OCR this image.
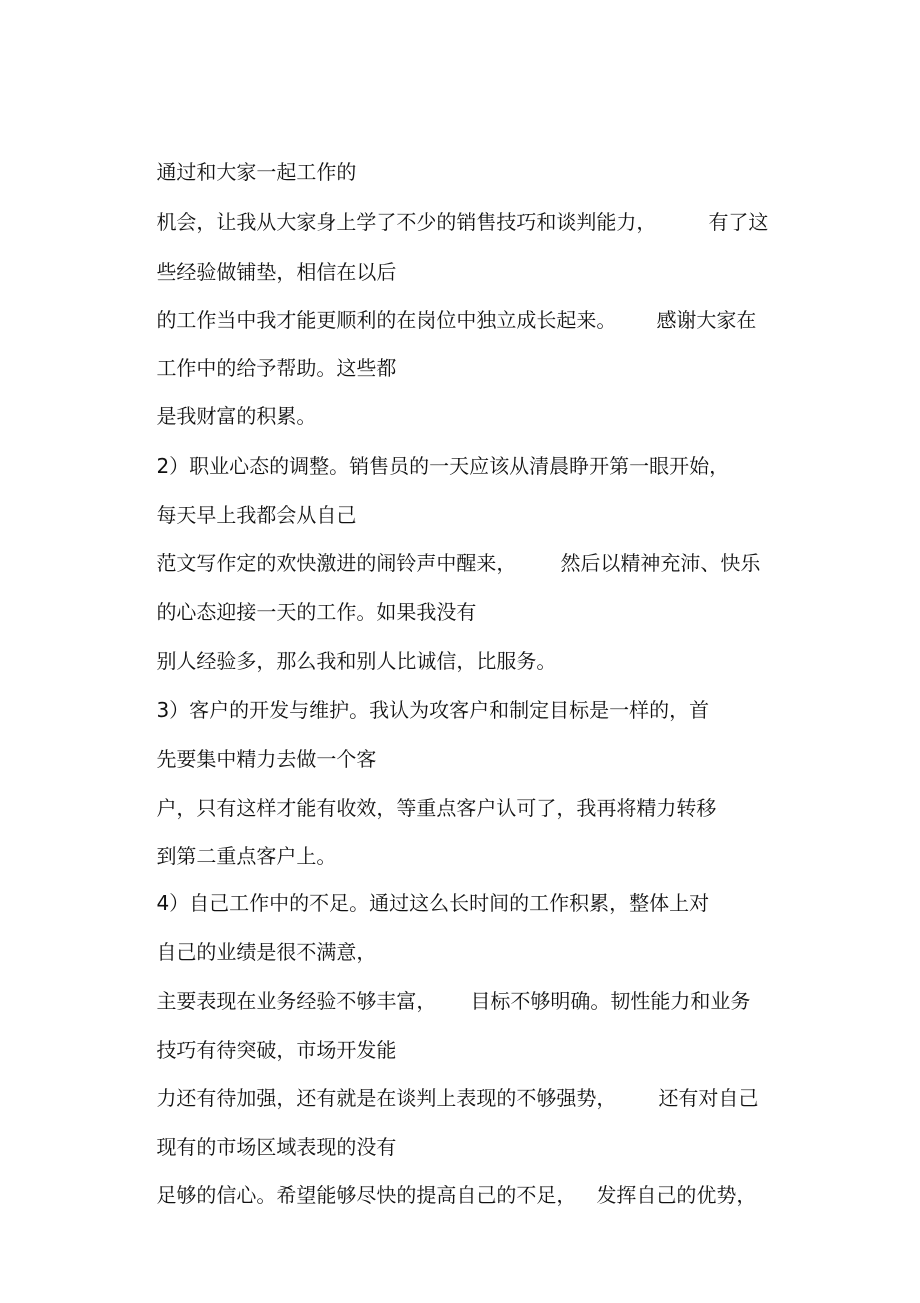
通过和大家一起工作的

机会，让我从大家身上学了不少的销售技巧和谈判能力，	有了这

些经验做铺垫，相信在以后

的工作当中我才能更顺利的在岗位中独立成长起来。 感谢大家在

工作中的给予帮助。这些都

是我财富的积累。

2）职业心态的调整。销售员的一天应该从清晨睁开第一眼开始，

每天早上我都会从自己

范文写作定的欢快激进的闹铃声中醒来， 然后以精神充沛、快乐

的心态迎接一天的工作。如果我没有

别人经验多，那么我和别人比诚信，比服务。

3）客户的开发与维护。我认为攻客户和制定目标是一样的，首

先要集中精力去做一个客

户，只有这样才能有收效，等重点客户认可了，我再将精力转移

到第二重点客户上。

4）自己工作中的不足。通过这么长时间的工作积累，整体上对

自己的业绩是很不满意，

主要表现在业务经验不够丰富， 目标不够明确。韧性能力和业务

技巧有待突破，市场开发能

力还有待加强，还有就是在谈判上表现的不够强势， 还有对自己

现有的市场区域表现的没有

足够的信心。希望能够尽快的提高自己的不足， 发挥自己的优势，
